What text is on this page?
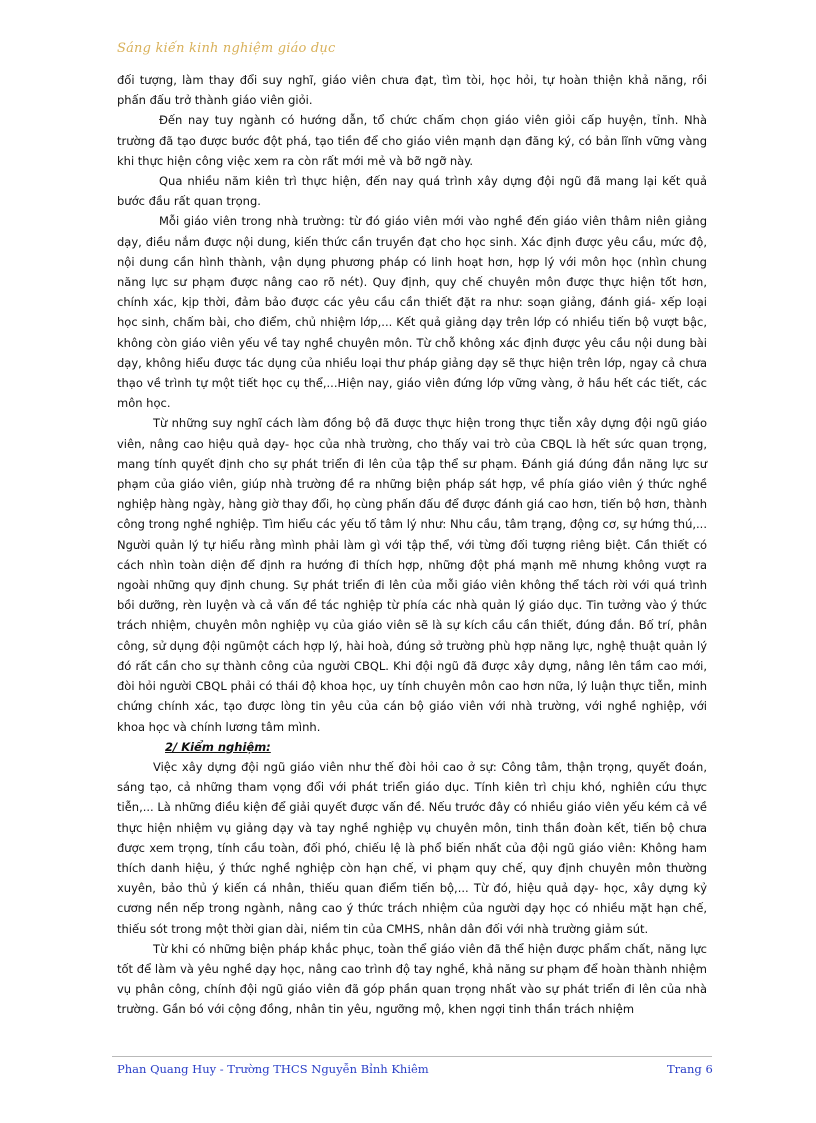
Sáng kiến kinh nghiệm giáo dục

đối tượng, làm thay đổi suy nghĩ, giáo viên chưa đạt, tìm tòi, học hỏi, tự hoàn thiện khả năng, rồi phấn đấu trở thành giáo viên giỏi.

Đến nay tuy ngành có hướng dẫn, tổ chức chấm chọn giáo viên giỏi cấp huyện, tỉnh. Nhà trường đã tạo được bước đột phá, tạo tiền để cho giáo viên mạnh dạn đăng ký, có bản lĩnh vững vàng khi thực hiện công việc xem ra còn rất mới mẻ và bỡ ngỡ này.

Qua nhiều năm kiên trì thực hiện, đến nay quá trình xây dựng đội ngũ đã mang lại kết quả bước đầu rất quan trọng.

Mỗi giáo viên trong nhà trường: từ đó giáo viên mới vào nghề đến giáo viên thâm niên giảng dạy, điều nắm được nội dung, kiến thức cần truyền đạt cho học sinh. Xác định được yêu cầu, mức độ, nội dung cần hình thành, vận dụng phương pháp có linh hoạt hơn, hợp lý với môn học (nhìn chung năng lực sư phạm được nâng cao rõ nét). Quy định, quy chế chuyên môn được thực hiện tốt hơn, chính xác, kịp thời, đảm bảo được các yêu cầu cần thiết đặt ra như: soạn giảng, đánh giá- xếp loại học sinh, chấm bài, cho điểm, chủ nhiệm lớp,... Kết quả giảng dạy trên lớp có nhiều tiến bộ vượt bậc, không còn giáo viên yếu về tay nghề chuyên môn. Từ chỗ không xác định được yêu cầu nội dung bài dạy, không hiểu được tác dụng của nhiều loại thư pháp giảng dạy sẽ thực hiện trên lớp, ngay cả chưa thạo về trình tự một tiết học cụ thể,...Hiện nay, giáo viên đứng lớp vững vàng, ở hầu hết các tiết, các môn học.

Từ những suy nghĩ cách làm đồng bộ đã được thực hiện trong thực tiễn xây dựng đội ngũ giáo viên, nâng cao hiệu quả dạy- học của nhà trường, cho thấy vai trò của CBQL là hết sức quan trọng, mang tính quyết định cho sự phát triển đi lên của tập thể sư phạm. Đánh giá đúng đắn năng lực sư phạm của giáo viên, giúp nhà trường đề ra những biện pháp sát hợp, về phía giáo viên ý thức nghề nghiệp hàng ngày, hàng giờ thay đổi, họ cùng phấn đấu để được đánh giá cao hơn, tiến bộ hơn, thành công trong nghề nghiệp. Tìm hiểu các yếu tố tâm lý như: Nhu cầu, tâm trạng, động cơ, sự hứng thú,... Người quản lý tự hiểu rằng mình phải làm gì với tập thể, với từng đối tượng riêng biệt. Cần thiết có cách nhìn toàn diện để định ra hướng đi thích hợp, những đột phá mạnh mẽ nhưng không vượt ra ngoài những quy định chung. Sự phát triển đi lên của mỗi giáo viên không thể tách rời với quá trình bồi dưỡng, rèn luyện và cả vấn đề tác nghiệp từ phía các nhà quản lý giáo dục. Tin tưởng vào ý thức trách nhiệm, chuyên môn nghiệp vụ của giáo viên sẽ là sự kích cầu cần thiết, đúng đắn. Bố trí, phân công, sử dụng đội ngũmột cách hợp lý, hài hoà, đúng sở trường phù hợp năng lực, nghệ thuật quản lý đó rất cần cho sự thành công của người CBQL. Khi đội ngũ đã được xây dựng, nâng lên tầm cao mới, đòi hỏi người CBQL phải có thái độ khoa học, uy tính chuyên môn cao hơn nữa, lý luận thực tiễn, minh chứng chính xác, tạo được lòng tin yêu của cán bộ giáo viên với nhà trường, với nghề nghiệp, với khoa học và chính lương tâm mình.

2/ Kiểm nghiệm:

Việc xây dựng đội ngũ giáo viên như thế đòi hỏi cao ở sự: Công tâm, thận trọng, quyết đoán, sáng tạo, cả những tham vọng đổi với phát triển giáo dục. Tính kiên trì chịu khó, nghiên cứu thực tiễn,... Là những điều kiện để giải quyết được vấn đề. Nếu trước đây có nhiều giáo viên yếu kém cả về thực hiện nhiệm vụ giảng dạy và tay nghề nghiệp vụ chuyên môn, tinh thần đoàn kết, tiến bộ chưa được xem trọng, tính cầu toàn, đối phó, chiếu lệ là phổ biến nhất của đội ngũ giáo viên: Không ham thích danh hiệu, ý thức nghề nghiệp còn hạn chế, vi phạm quy chế, quy định chuyên môn thường xuyên, bảo thủ ý kiến cá nhân, thiếu quan điểm tiến bộ,... Từ đó, hiệu quả dạy- học, xây dựng kỷ cương nền nếp trong ngành, nâng cao ý thức trách nhiệm của người dạy học có nhiều mặt hạn chế, thiếu sót trong một thời gian dài, niềm tin của CMHS, nhân dân đối với nhà trường giảm sút.

Từ khi có những biện pháp khắc phục, toàn thể giáo viên đã thể hiện được phẩm chất, năng lực tốt để làm và yêu nghề dạy học, nâng cao trình độ tay nghề, khả năng sư phạm để hoàn thành nhiệm vụ phân công, chính đội ngũ giáo viên đã góp phần quan trọng nhất vào sự phát triển đi lên của nhà trường. Gần bó với cộng đồng, nhân tin yêu, ngưỡng mộ, khen ngợi tinh thần trách nhiệm

Phan Quang Huy - Trường THCS Nguyễn Bỉnh Khiêm	Trang 6
